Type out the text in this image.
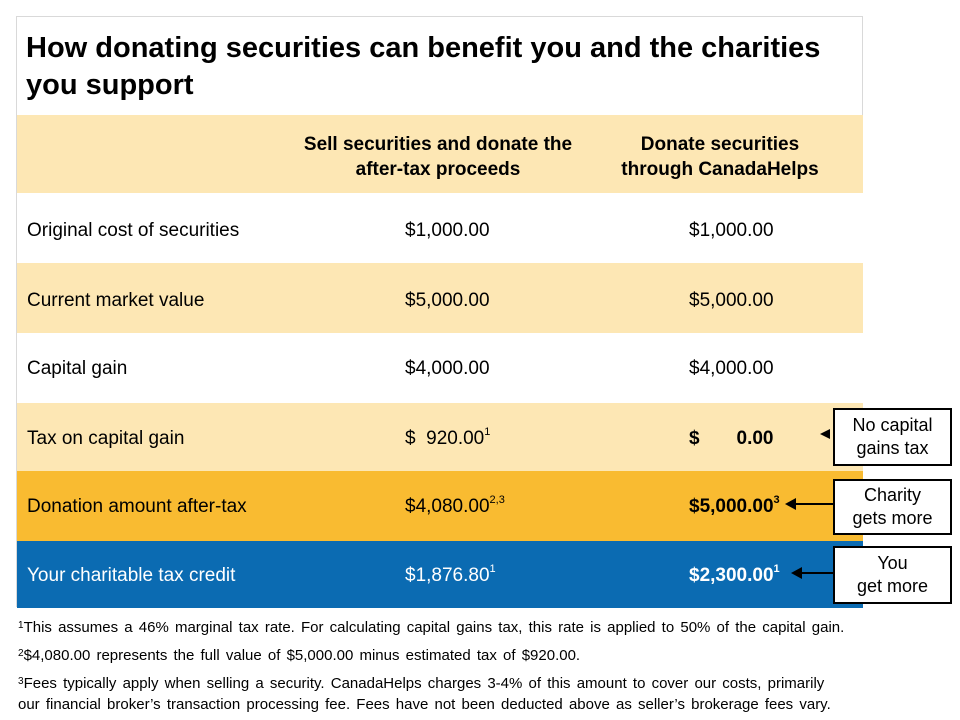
How donating securities can benefit you and the charities you support
Sell securities and donate the after-tax proceeds
Donate securities through CanadaHelps
Original cost of securities	$1,000.00	$1,000.00
Current market value	$5,000.00	$5,000.00
Capital gain	$4,000.00	$4,000.00
Tax on capital gain	$  920.00$^1$	$       0.00
Donation amount after-tax	$4,080.00$^{2,3}$	$5,000.00$^3$
Your charitable tax credit	$1,876.80$^1$	$2,300.00$^1$
No capital
gains tax
Charity
gets more
You
get more
$^1$This assumes a 46% marginal tax rate. For calculating capital gains tax, this rate is applied to 50% of the capital gain.
$^2$\$4,080.00 represents the full value of $5,000.00 minus estimated tax of $920.00.
$^3$Fees typically apply when selling a security. CanadaHelps charges 3-4% of this amount to cover our costs, primarily
our financial broker’s transaction processing fee. Fees have not been deducted above as seller’s brokerage fees vary.
